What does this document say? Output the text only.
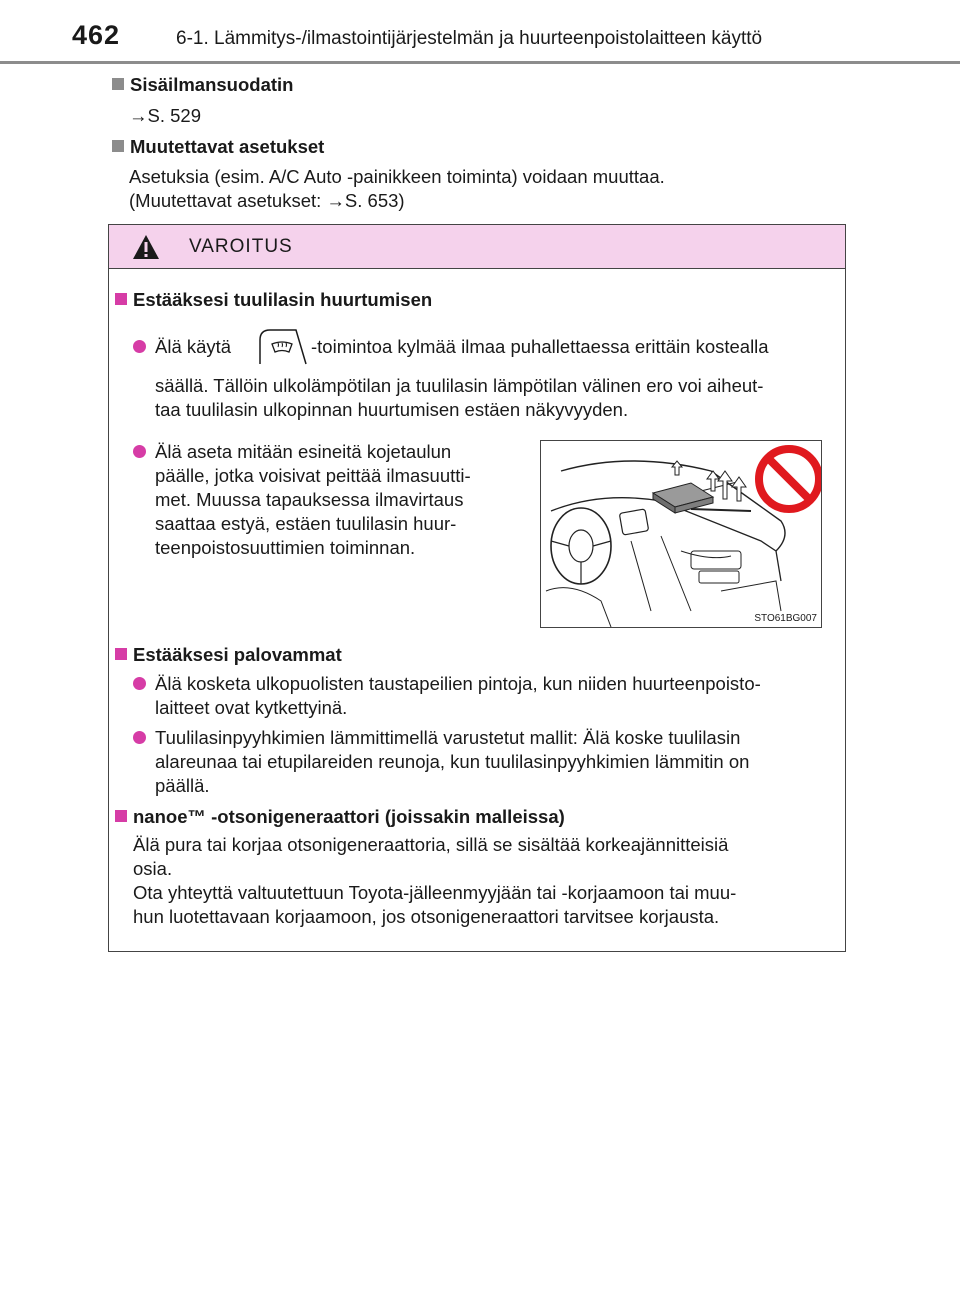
462	6-1. Lämmitys-/ilmastointijärjestelmän ja huurteenpoistolaitteen käyttö
Sisäilmansuodatin
→S. 529
Muutettavat asetukset
Asetuksia (esim. A/C Auto -painikkeen toiminta) voidaan muuttaa.
(Muutettavat asetukset: →S. 653)
VAROITUS
Estääksesi tuulilasin huurtumisen
Älä käytä	-toimintoa kylmää ilmaa puhallettaessa erittäin kostealla
säällä. Tällöin ulkolämpötilan ja tuulilasin lämpötilan välinen ero voi aiheut-
taa tuulilasin ulkopinnan huurtumisen estäen näkyvyyden.
Älä aseta mitään esineitä kojetaulun
päälle, jotka voisivat peittää ilmasuutti-
met. Muussa tapauksessa ilmavirtaus
saattaa estyä, estäen tuulilasin huur-
teenpoistosuuttimien toiminnan.
Estääksesi palovammat
Älä kosketa ulkopuolisten taustapeilien pintoja, kun niiden huurteenpoisto-
laitteet ovat kytkettyinä.
Tuulilasinpyyhkimien lämmittimellä varustetut mallit: Älä koske tuulilasin
alareunaa tai etupilareiden reunoja, kun tuulilasinpyyhkimien lämmitin on
päällä.
nanoe™ -otsonigeneraattori (joissakin malleissa)
Älä pura tai korjaa otsonigeneraattoria, sillä se sisältää korkeajännitteisiä
osia.
Ota yhteyttä valtuutettuun Toyota-jälleenmyyjään tai -korjaamoon tai muu-
hun luotettavaan korjaamoon, jos otsonigeneraattori tarvitsee korjausta.
STO61BG007
